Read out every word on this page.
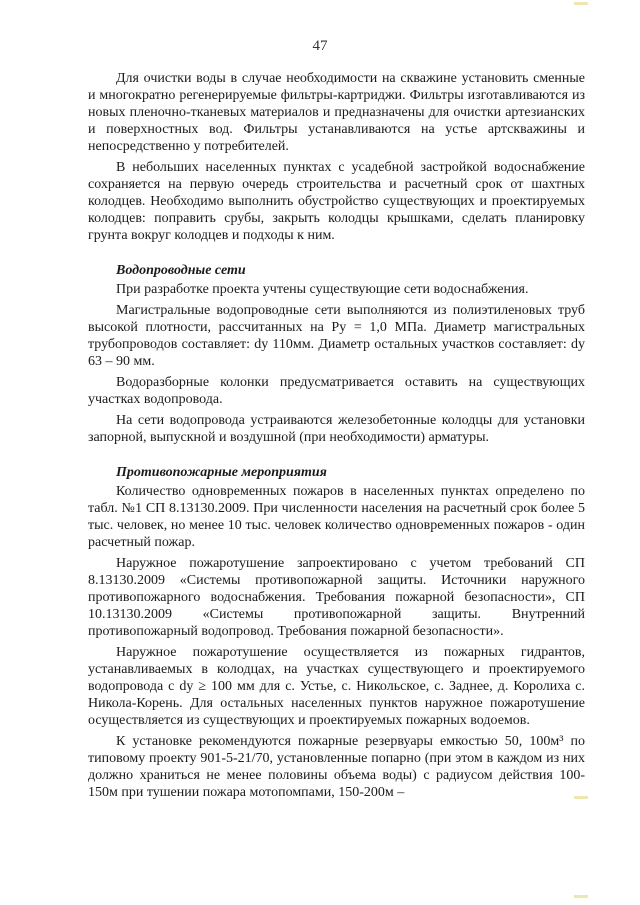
47

Для очистки воды в случае необходимости на скважине установить сменные и многократно регенерируемые фильтры-картриджи. Фильтры изготавливаются из новых пленочно-тканевых материалов и предназначены для очистки артезианских и поверхностных вод. Фильтры устанавливаются на устье артскважины и непосредственно у потребителей.

В небольших населенных пунктах с усадебной застройкой водоснабжение сохраняется на первую очередь строительства и расчетный срок от шахтных колодцев. Необходимо выполнить обустройство существующих и проектируемых колодцев: поправить срубы, закрыть колодцы крышками, сделать планировку грунта вокруг колодцев и подходы к ним.

Водопроводные сети

При разработке проекта учтены существующие сети водоснабжения.

Магистральные водопроводные сети выполняются из полиэтиленовых труб высокой плотности, рассчитанных на Pу = 1,0 МПа. Диаметр магистральных трубопроводов составляет: dу 110мм. Диаметр остальных участков составляет: dу 63 – 90 мм.

Водоразборные колонки предусматривается оставить на существующих участках водопровода.

На сети водопровода устраиваются железобетонные колодцы для установки запорной, выпускной и воздушной (при необходимости) арматуры.

Противопожарные мероприятия

Количество одновременных пожаров в населенных пунктах определено по табл. №1 СП 8.13130.2009. При численности населения на расчетный срок более 5 тыс. человек, но менее 10 тыс. человек количество одновременных пожаров - один расчетный пожар.

Наружное пожаротушение запроектировано с учетом требований СП 8.13130.2009 «Системы противопожарной защиты. Источники наружного противопожарного водоснабжения. Требования пожарной безопасности», СП 10.13130.2009 «Системы противопожарной защиты. Внутренний противопожарный водопровод. Требования пожарной безопасности».

Наружное пожаротушение осуществляется из пожарных гидрантов, устанавливаемых в колодцах, на участках существующего и проектируемого водопровода с dу ≥ 100 мм для с. Устье, с. Никольское, с. Заднее, д. Королиха с. Никола-Корень. Для остальных населенных пунктов наружное пожаротушение осуществляется из существующих и проектируемых пожарных водоемов.

К установке рекомендуются пожарные резервуары емкостью 50, 100м³ по типовому проекту 901-5-21/70, установленные попарно (при этом в каждом из них должно храниться не менее половины объема воды) с радиусом действия 100-150м при тушении пожара мотопомпами, 150-200м –
